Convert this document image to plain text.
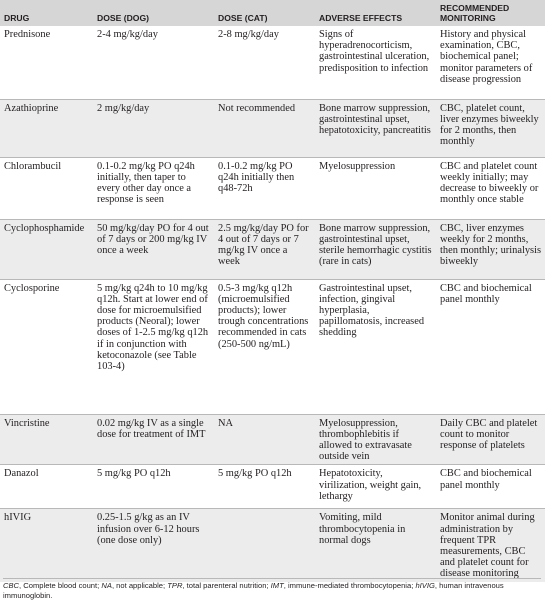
DRUG	DOSE (DOG)	DOSE (CAT)	ADVERSE EFFECTS	RECOMMENDED MONITORING
Prednisone	2-4 mg/kg/day	2-8 mg/kg/day	Signs of hyperadrenocorticism, gastrointestinal ulceration, predisposition to infection	History and physical examination, CBC, biochemical panel; monitor parameters of disease progression
Azathioprine	2 mg/kg/day	Not recommended	Bone marrow suppression, gastrointestinal upset, hepatotoxicity, pancreatitis	CBC, platelet count, liver enzymes biweekly for 2 months, then monthly
Chlorambucil	0.1-0.2 mg/kg PO q24h initially, then taper to every other day once a response is seen	0.1-0.2 mg/kg PO q24h initially then q48-72h	Myelosuppression	CBC and platelet count weekly initially; may decrease to biweekly or monthly once stable
Cyclophosphamide	50 mg/kg/day PO for 4 out of 7 days or 200 mg/kg IV once a week	2.5 mg/kg/day PO for 4 out of 7 days or 7 mg/kg IV once a week	Bone marrow suppression, gastrointestinal upset, sterile hemorrhagic cystitis (rare in cats)	CBC, liver enzymes weekly for 2 months, then monthly; urinalysis biweekly
Cyclosporine	5 mg/kg q24h to 10 mg/kg q12h. Start at lower end of dose for microemulsified products (Neoral); lower doses of 1-2.5 mg/kg q12h if in conjunction with ketoconazole (see Table 103-4)	0.5-3 mg/kg q12h (microemulsified products); lower trough concentrations recommended in cats (250-500 ng/mL)	Gastrointestinal upset, infection, gingival hyperplasia, papillomatosis, increased shedding	CBC and biochemical panel monthly
Vincristine	0.02 mg/kg IV as a single dose for treatment of IMT	NA	Myelosuppression, thrombophlebitis if allowed to extravasate outside vein	Daily CBC and platelet count to monitor response of platelets
Danazol	5 mg/kg PO q12h	5 mg/kg PO q12h	Hepatotoxicity, virilization, weight gain, lethargy	CBC and biochemical panel monthly
hIVIG	0.25-1.5 g/kg as an IV infusion over 6-12 hours (one dose only)		Vomiting, mild thrombocytopenia in normal dogs	Monitor animal during administration by frequent TPR measurements, CBC and platelet count for disease monitoring
CBC, Complete blood count; NA, not applicable; TPR, total parenteral nutrition; IMT, immune-mediated thrombocytopenia; hIVIG, human intravenous immunoglobin.
